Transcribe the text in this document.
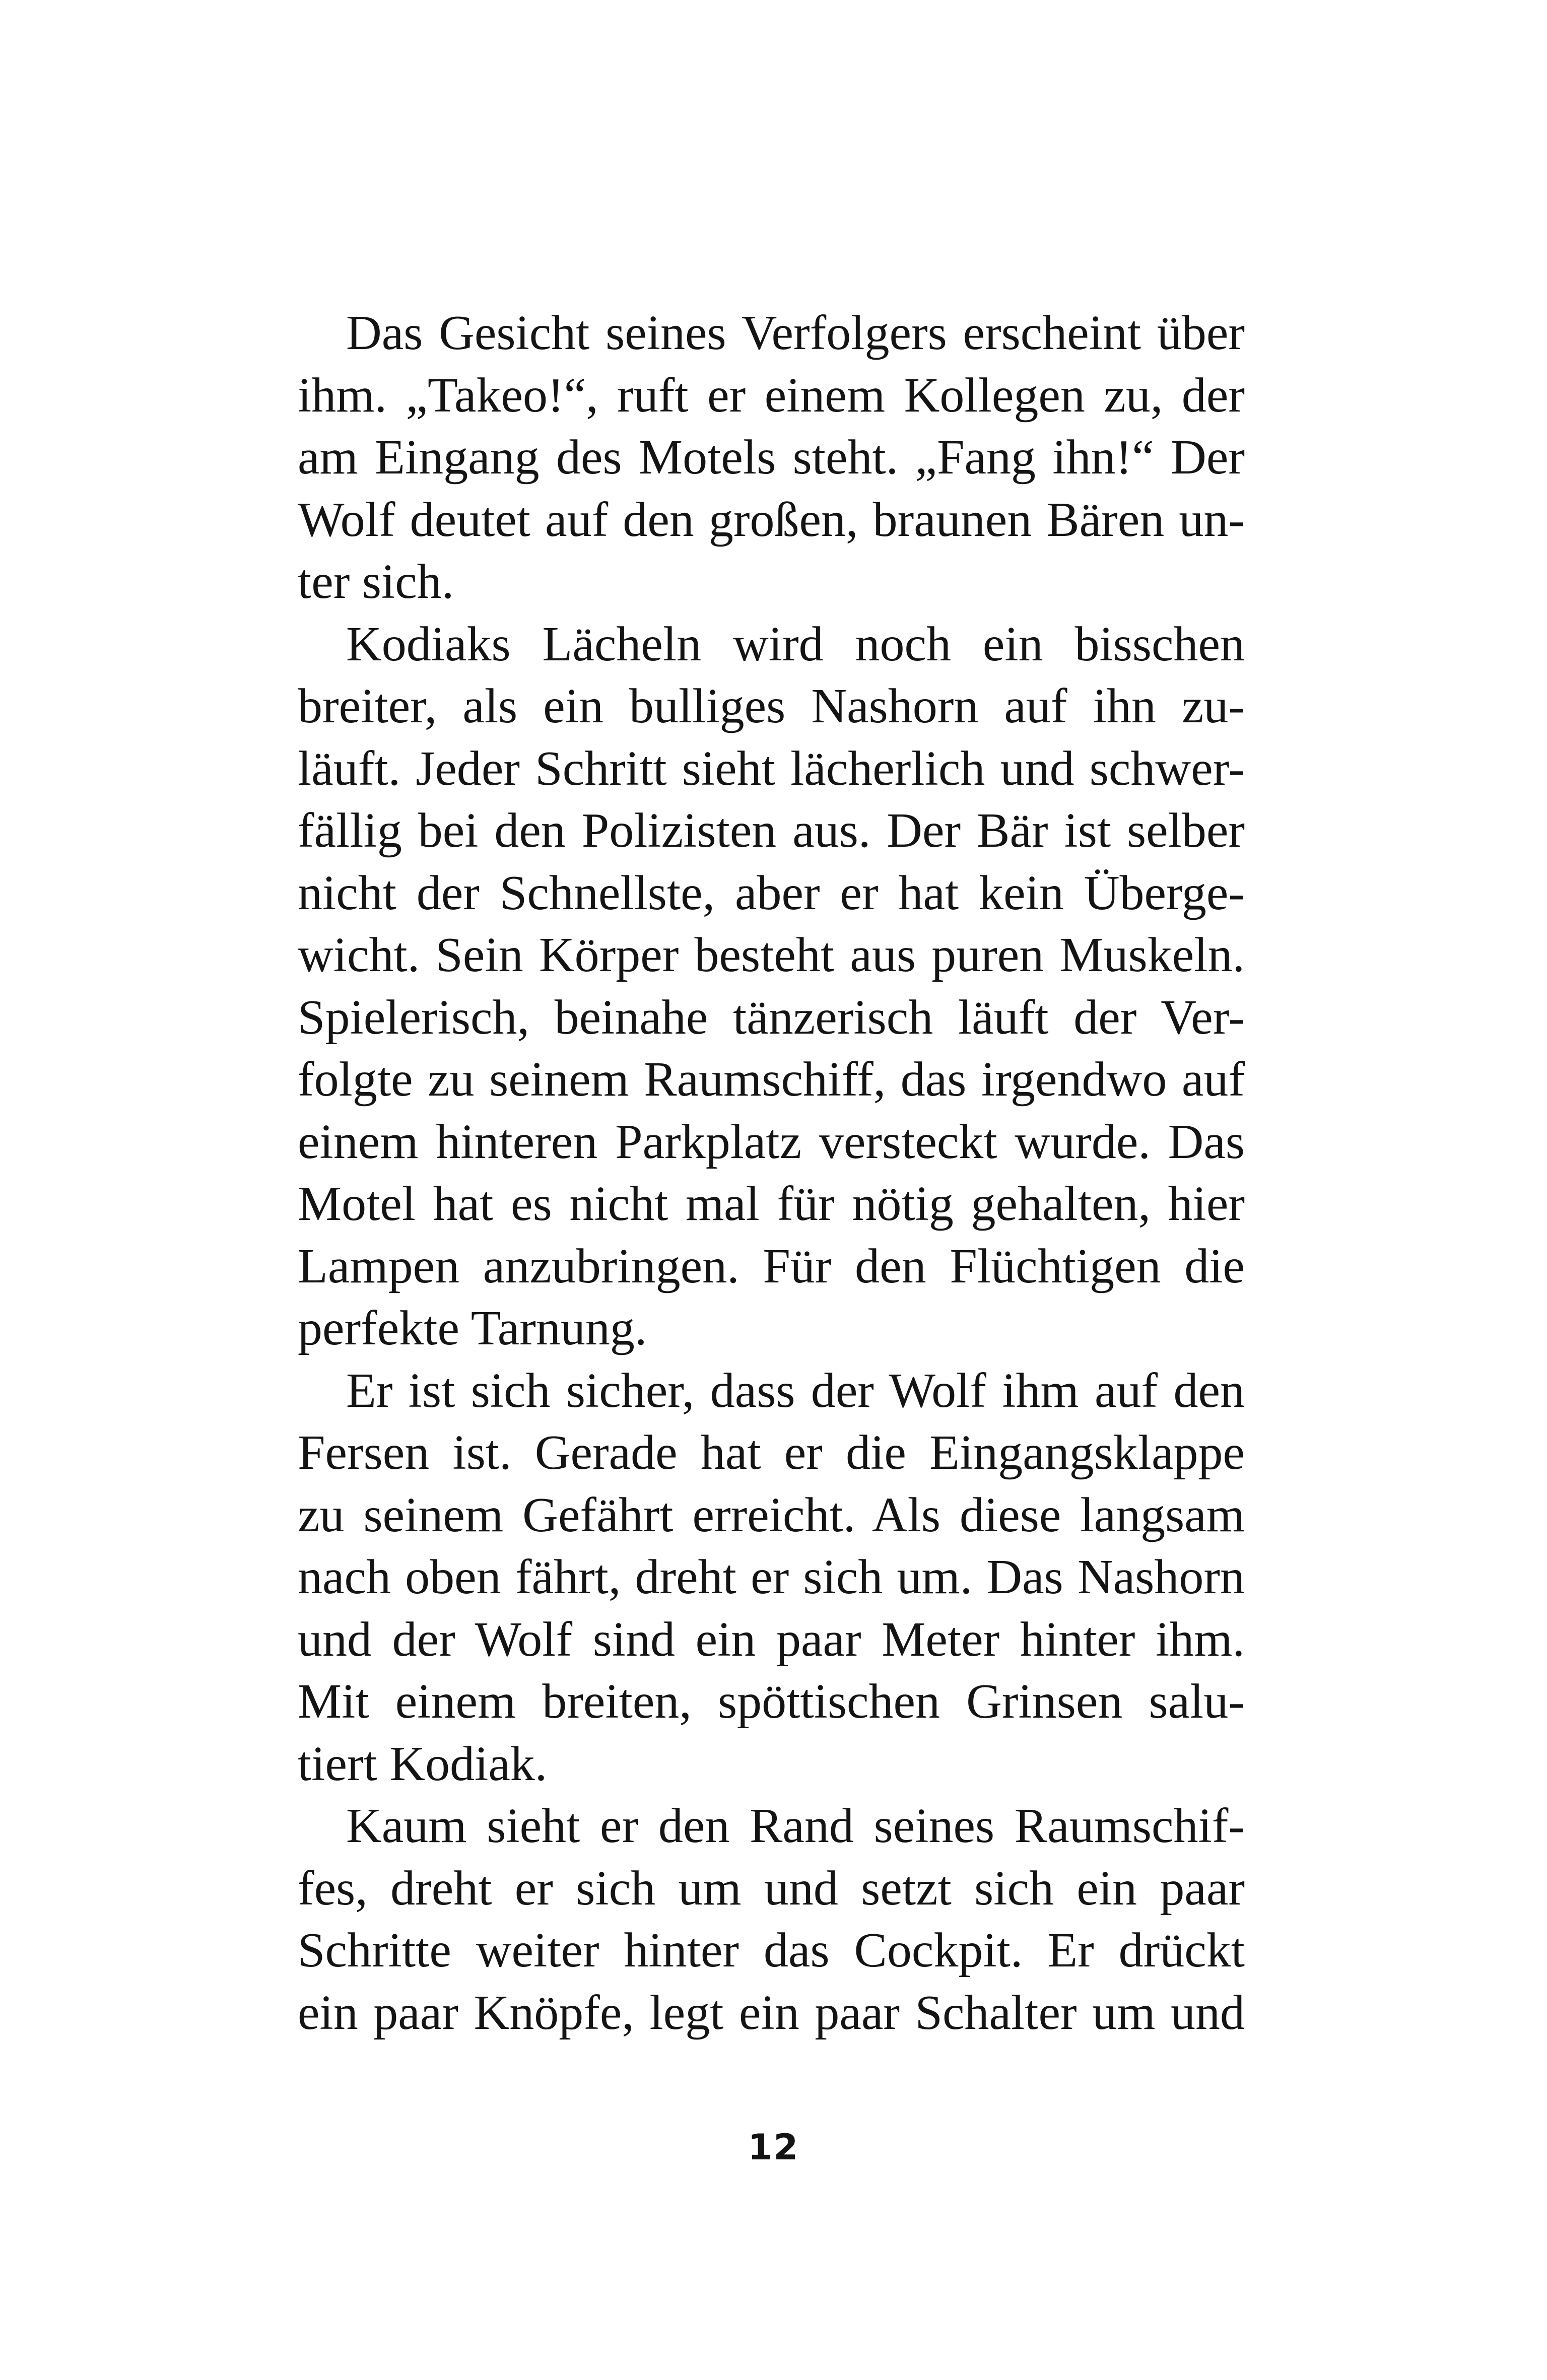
Das Gesicht seines Verfolgers erscheint über
ihm. „Takeo!“, ruft er einem Kollegen zu, der
am Eingang des Motels steht. „Fang ihn!“ Der
Wolf deutet auf den großen, braunen Bären un-
ter sich.
Kodiaks Lächeln wird noch ein bisschen
breiter, als ein bulliges Nashorn auf ihn zu-
läuft. Jeder Schritt sieht lächerlich und schwer-
fällig bei den Polizisten aus. Der Bär ist selber
nicht der Schnellste, aber er hat kein Überge-
wicht. Sein Körper besteht aus puren Muskeln.
Spielerisch, beinahe tänzerisch läuft der Ver-
folgte zu seinem Raumschiff, das irgendwo auf
einem hinteren Parkplatz versteckt wurde. Das
Motel hat es nicht mal für nötig gehalten, hier
Lampen anzubringen. Für den Flüchtigen die
perfekte Tarnung.
Er ist sich sicher, dass der Wolf ihm auf den
Fersen ist. Gerade hat er die Eingangsklappe
zu seinem Gefährt erreicht. Als diese langsam
nach oben fährt, dreht er sich um. Das Nashorn
und der Wolf sind ein paar Meter hinter ihm.
Mit einem breiten, spöttischen Grinsen salu-
tiert Kodiak.
Kaum sieht er den Rand seines Raumschif-
fes, dreht er sich um und setzt sich ein paar
Schritte weiter hinter das Cockpit. Er drückt
ein paar Knöpfe, legt ein paar Schalter um und
12
